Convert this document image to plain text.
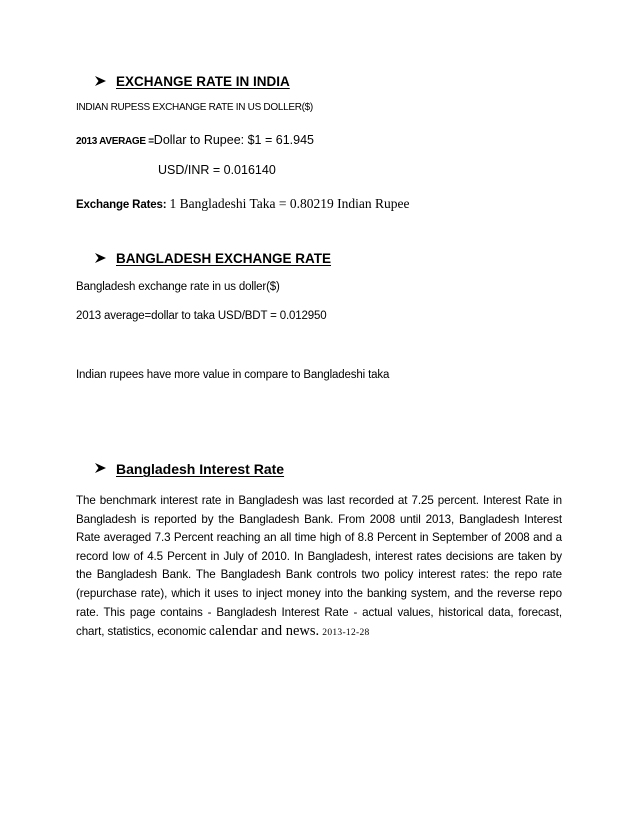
EXCHANGE RATE IN INDIA
INDIAN RUPESS EXCHANGE RATE IN US DOLLER($)
2013 AVERAGE =Dollar to Rupee: $1 = 61.945
USD/INR = 0.016140
Exchange Rates: 1 Bangladeshi Taka = 0.80219 Indian Rupee
BANGLADESH EXCHANGE RATE
Bangladesh exchange rate in us doller($)
2013 average=dollar to taka USD/BDT = 0.012950
Indian rupees have more value in compare to Bangladeshi taka
Bangladesh Interest Rate
The benchmark interest rate in Bangladesh was last recorded at 7.25 percent. Interest Rate in Bangladesh is reported by the Bangladesh Bank. From 2008 until 2013, Bangladesh Interest Rate averaged 7.3 Percent reaching an all time high of 8.8 Percent in September of 2008 and a record low of 4.5 Percent in July of 2010. In Bangladesh, interest rates decisions are taken by the Bangladesh Bank. The Bangladesh Bank controls two policy interest rates: the repo rate (repurchase rate), which it uses to inject money into the banking system, and the reverse repo rate. This page contains - Bangladesh Interest Rate - actual values, historical data, forecast, chart, statistics, economic calendar and news. 2013-12-28
